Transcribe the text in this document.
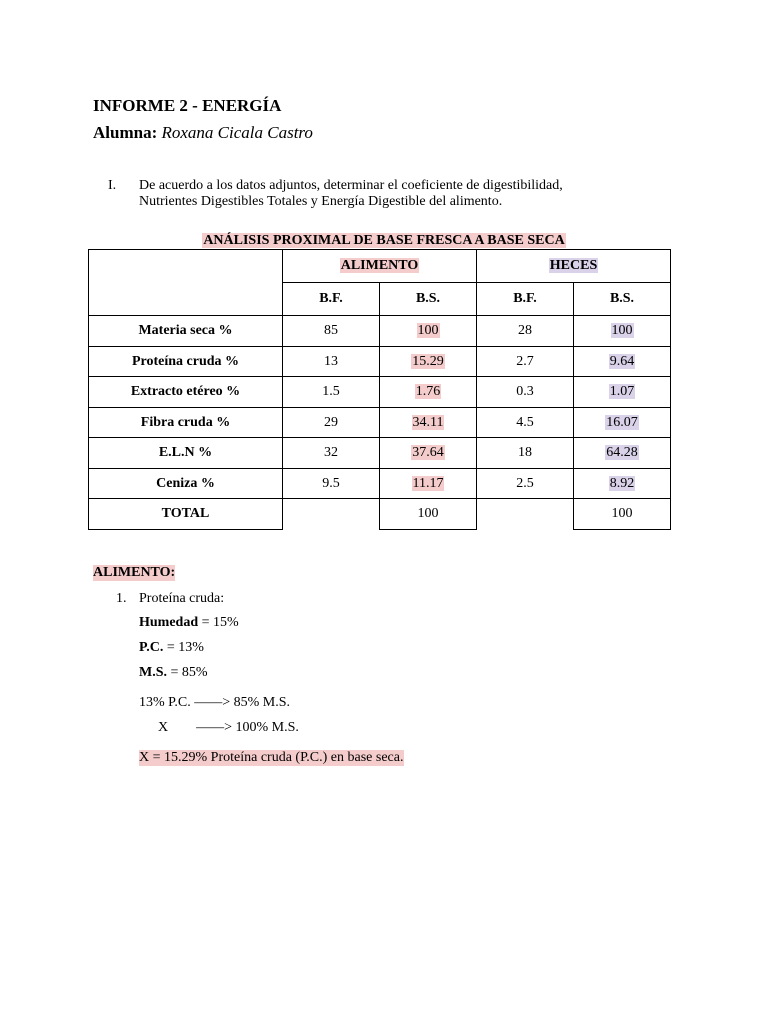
INFORME 2 - ENERGÍA
Alumna: Roxana Cicala Castro
I. De acuerdo a los datos adjuntos, determinar el coeficiente de digestibilidad,
Nutrientes Digestibles Totales y Energía Digestible del alimento.
ANÁLISIS PROXIMAL DE BASE FRESCA A BASE SECA
	ALIMENTO		HECES	
	B.F.	B.S.	B.F.	B.S.
Materia seca %	85	100	28	100
Proteína cruda %	13	15.29	2.7	9.64
Extracto etéreo %	1.5	1.76	0.3	1.07
Fibra cruda %	29	34.11	4.5	16.07
E.L.N %	32	37.64	18	64.28
Ceniza %	9.5	11.17	2.5	8.92
TOTAL		100		100
ALIMENTO:
1. Proteína cruda:
Humedad = 15%
P.C. = 13%
M.S. = 85%
13% P.C. ——> 85% M.S.
X        ——> 100% M.S.
X = 15.29% Proteína cruda (P.C.) en base seca.
